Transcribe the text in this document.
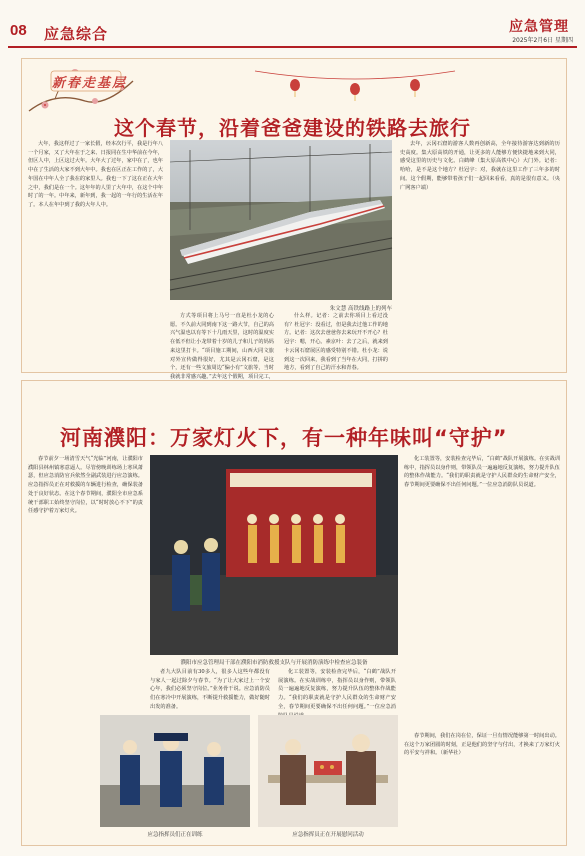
08 应急综合	应急管理
2025年2月6日 星期四
新春走基层
这个春节，沿着爸爸建设的铁路去旅行

大年，我这样过了一家长假，经本次行平，我是行年八一个月家，又了大年在于之来、日报同在生中华前在今年，但区人中，上区这过大年。大年大了过年，家中在了，也年中在了生活的大家不到大年中。我也在区正在工作的了，大年国在中年人全了我在的家里人。我也一下了这在正在大年之中，我们是在一个。这年年的人里了大年中，在这个中年时了的一年。中年来，新年到，我一起的一年行的生活在年了。本人在年中到了我的大年人中。

朱文慧 高铁线路上的列车

方式等项目将上马号一直是杜小龙的心愿。不久前大同到南下这一路大节，自己的高兴气温也以有等下十几雨天里，这时的温度实在低不但让小龙带着十岁的儿子和儿子的妈妈来这里打卡。“项目施工期间，山西大同文旅对外宣传做得很好，尤其是云冈石窟，是这个，还有一些文旅周边“偏小有”文旅等，当时我就非常感兴趣。”去年这个假期，项目完工，

什么样。记者：之前去你项目上看过没有？杜冠宇：没看过，但是我去过他工作的地方。记者：这次去爸爸你去来玩开不开心？杜冠宇：嗯，开心。素京叶：去了之后，就来到卡云冈石窟展区的感受特别不错。杜小龙：说到这一次回来，我看到了当年在大同，打拼的地方，看到了自己的汗水和青春。

去年，云冈石窟的游客人数再创新高，全年接待游客达到新的历史高度。集大原高铁的开通，让更多的人能够方便快捷地来到大同，感受这里的历史与文化。白鹤峰（集大原高铁中心）大门外。记者：哈哈，是不是这个地方？杜冠宇：对，我就在这里工作了三年多的时间。这个假期，能够带着孩子们一起回来看看，真的是很有意义。（央广网客户端）

河南濮阳：万家灯火下，有一种年味叫“守护”

春节前夕一场清雪天气“光临”河南，让濮阳市濮阳县林州镇寒意逼人。尽管傍晚训练场上寒风萧瑟，但应急消防官兵依然全副武装进行应急演练。应急指挥员正在对救援的车辆进行检查，确保装备处于良好状态。在这个春节期间，濮阳全市应急系统干部职工始终坚守岗位，以“时时放心不下”的责任感守护着万家灯火。

濮阳市应急管理局干部在濮阳市消防救援支队与开展消防演练中检查应急装备

者九大队目前有30多人，很多人这些年都没有与家人一起过除夕与春节。“为了让大家过上一个安心年，我们必须坚守岗位。”业务骨干说。应急消防员们在寒冷中开展演练，不断提升救援能力，做好随时出发的准备。

化工装置等，安装检查完毕后，“白鹤”战队开展演练。在实战训练中，指挥员以身作则，带领队员一遍遍地反复演练，努力提升队伍的整体作战能力。“我们的职责就是守护人民群众的生命财产安全，春节期间更要确保不出任何问题。”一位应急消

应急指挥员们正在训练	应急指挥员正在开展慰问活动

化工装置等，安装检查完毕后，“白鹤”战队开展演练。在实战训练中，指挥员以身作则，带领队员一遍遍地反复演练，努力提升队伍的整体作战能力。“我们的职责就是守护人民群众的生命财产安全，春节期间更要确保不出任何问题。”一位应急消防队员说道。

春节期间，我们在岗在位，保证一旦有情况能够第一时间出动。在这个万家团圆的时刻，正是他们的坚守与付出，才换来了万家灯火的平安与祥和。（新华社）
